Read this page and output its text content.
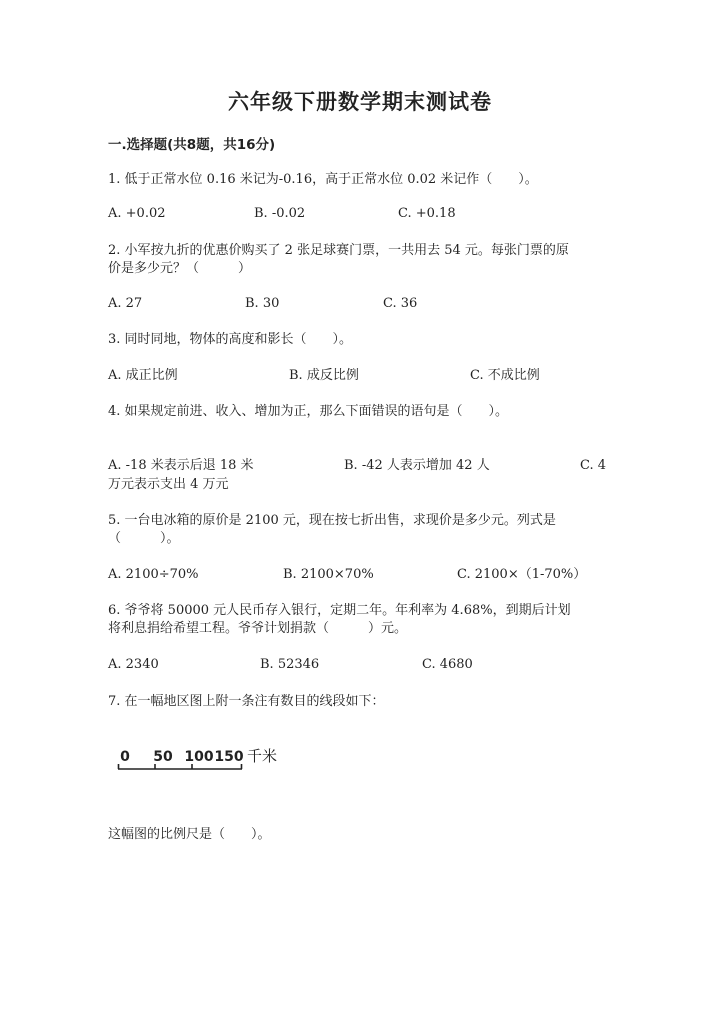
六年级下册数学期末测试卷
一.选择题(共8题，共16分)
1. 低于正常水位 0.16 米记为-0.16，高于正常水位 0.02 米记作（　　）。
A. +0.02	B. -0.02	C. +0.18
2. 小军按九折的优惠价购买了 2 张足球赛门票，一共用去 54 元。每张门票的原
价是多少元？（　　　）
A. 27	B. 30	C. 36
3. 同时同地，物体的高度和影长（　　）。
A. 成正比例	B. 成反比例	C. 不成比例
4. 如果规定前进、收入、增加为正，那么下面错误的语句是（　　）。
A. -18 米表示后退 18 米	B. -42 人表示增加 42 人	C. 4
万元表示支出 4 万元
5. 一台电冰箱的原价是 2100 元，现在按七折出售，求现价是多少元。列式是
（　　　）。
A. 2100÷70%	B. 2100×70%	C. 2100×（1-70%）
6. 爷爷将 50000 元人民币存入银行，定期二年。年利率为 4.68%，到期后计划
将利息捐给希望工程。爷爷计划捐款（　　　）元。
A. 2340	B. 52346	C. 4680
7. 在一幅地区图上附一条注有数目的线段如下：
0 50 100 150 千米
这幅图的比例尺是（　　）。
